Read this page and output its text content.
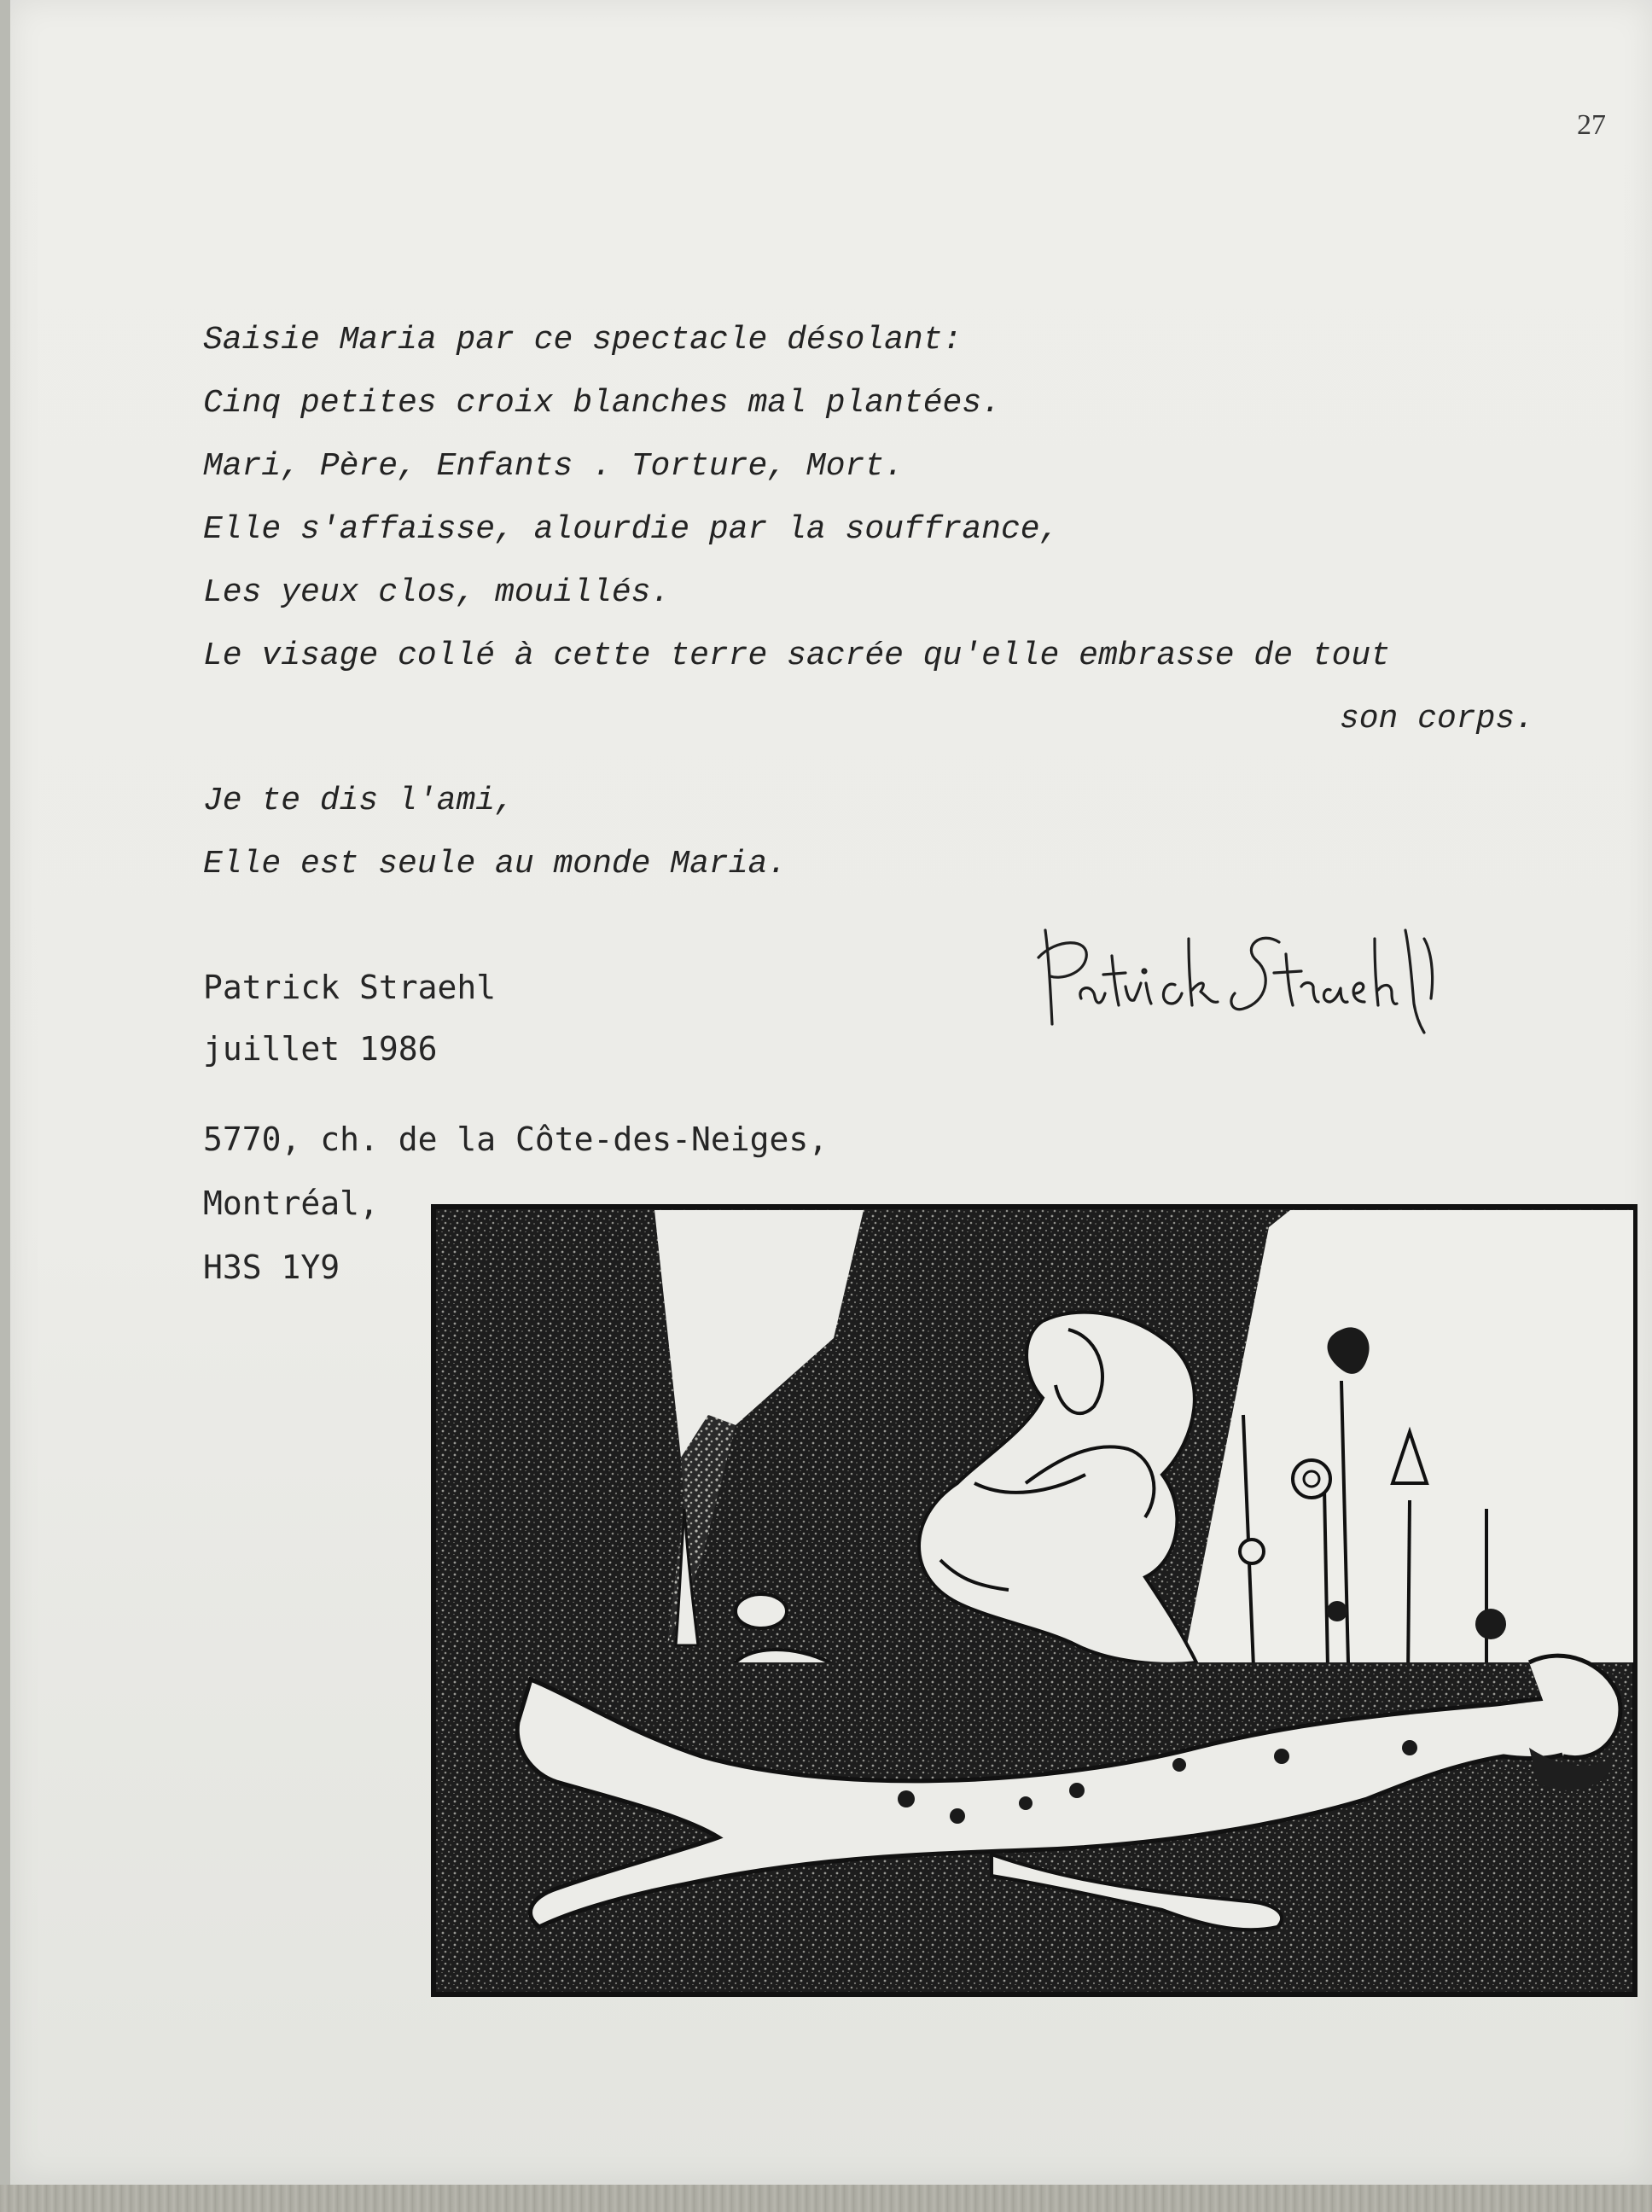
27
Saisie Maria par ce spectacle désolant:
Cinq petites croix blanches mal plantées.
Mari, Père, Enfants . Torture, Mort.
Elle s'affaisse, alourdie par la souffrance,
Les yeux clos, mouillés.
Le visage collé à cette terre sacrée qu'elle embrasse de tout
son corps.
Je te dis l'ami,
Elle est seule au monde Maria.
Patrick Straehl
juillet 1986
5770, ch. de la Côte-des-Neiges,
Montréal,
H3S 1Y9
